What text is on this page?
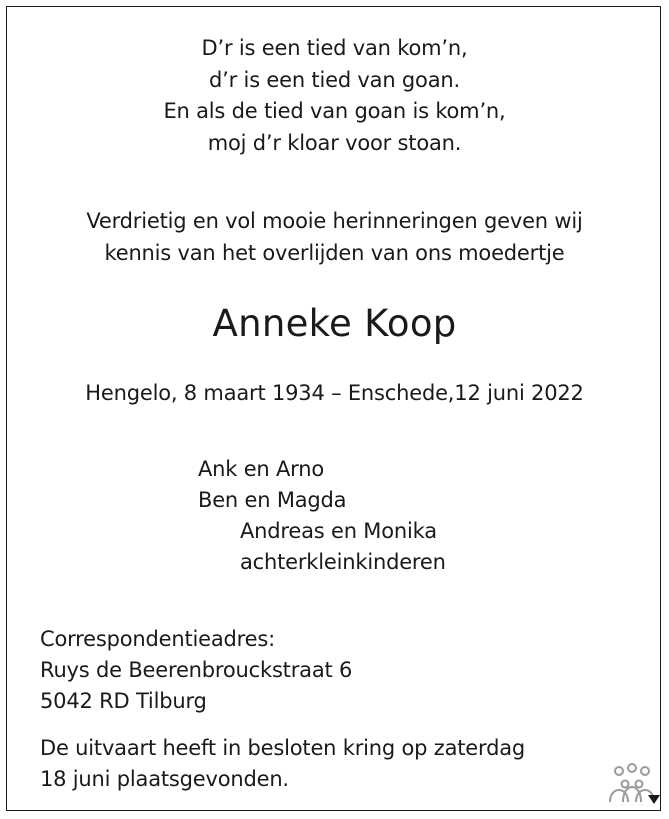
D’r is een tied van kom’n,
d’r is een tied van goan.
En als de tied van goan is kom’n,
moj d’r kloar voor stoan.
Verdrietig en vol mooie herinneringen geven wij
kennis van het overlijden van ons moedertje
Anneke Koop
Hengelo, 8 maart 1934 – Enschede,12 juni 2022
Ank en Arno
Ben en Magda
Andreas en Monika
achterkleinkinderen
Correspondentieadres:
Ruys de Beerenbrouckstraat 6
5042 RD Tilburg
De uitvaart heeft in besloten kring op zaterdag
18 juni plaatsgevonden.
